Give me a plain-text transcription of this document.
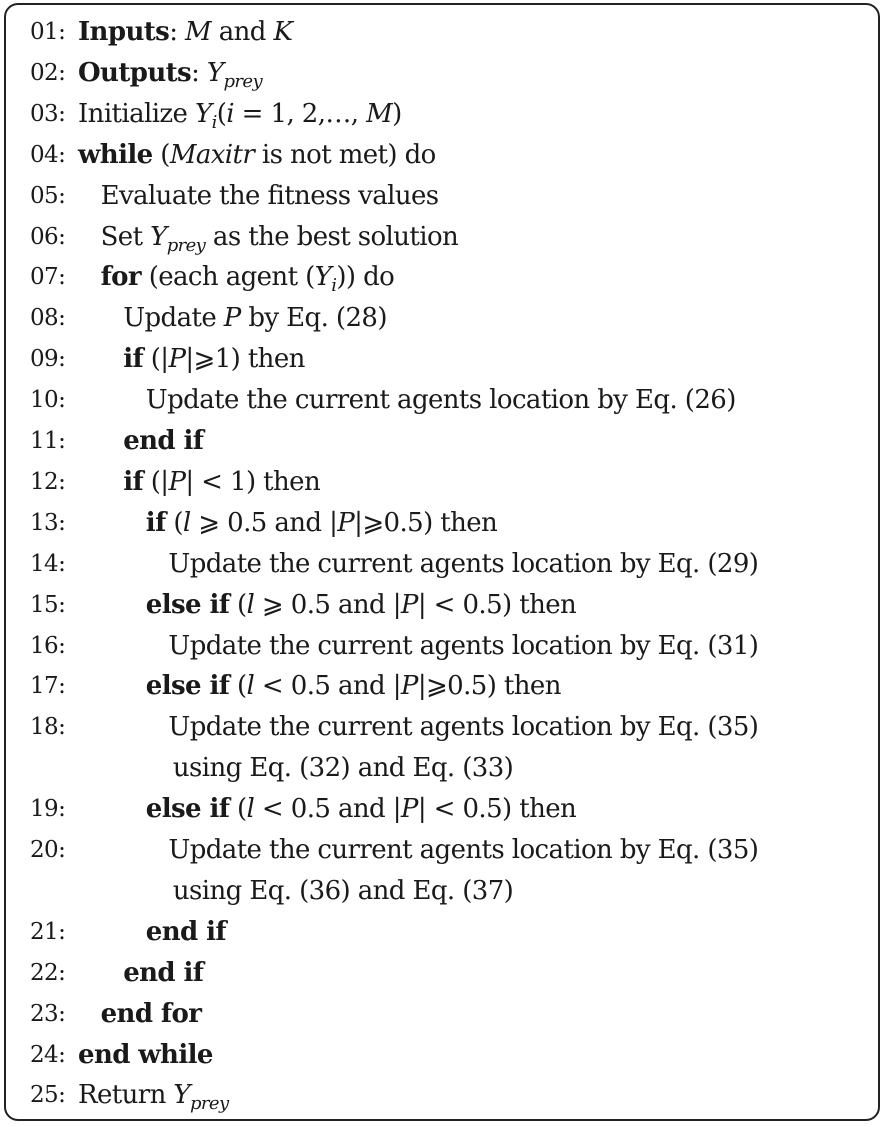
01: Inputs: M and K
02: Outputs: $Y_{prey}$
03: Initialize $Y_i(i = 1$, 2,…, M)
04: while (Maxitr is not met) do
05: Evaluate the fitness values
06: Set $Y_{prey}$ as the best solution
07: for (each agent $(Y_i)$) do
08: Update P by Eq. (28)
09: if (|P|⩾1) then
10:	Update the current agents location by Eq. (26)
11: end if
12: if (|P| < 1) then
13:	if (l ⩾ 0.5 and |P|⩾0.5) then
14:	Update the current agents location by Eq. (29)
15:	else if (l ⩾ 0.5 and |P| < 0.5) then
16:	Update the current agents location by Eq. (31)
17:	else if (l < 0.5 and |P|⩾0.5) then
18:	Update the current agents location by Eq. (35)
using Eq. (32) and Eq. (33)
19:	else if (l < 0.5 and |P| < 0.5) then
20:	Update the current agents location by Eq. (35)
using Eq. (36) and Eq. (37)
21:	end if
22: end if
23: end for
24: end while
25: Return $Y_{prey}$
